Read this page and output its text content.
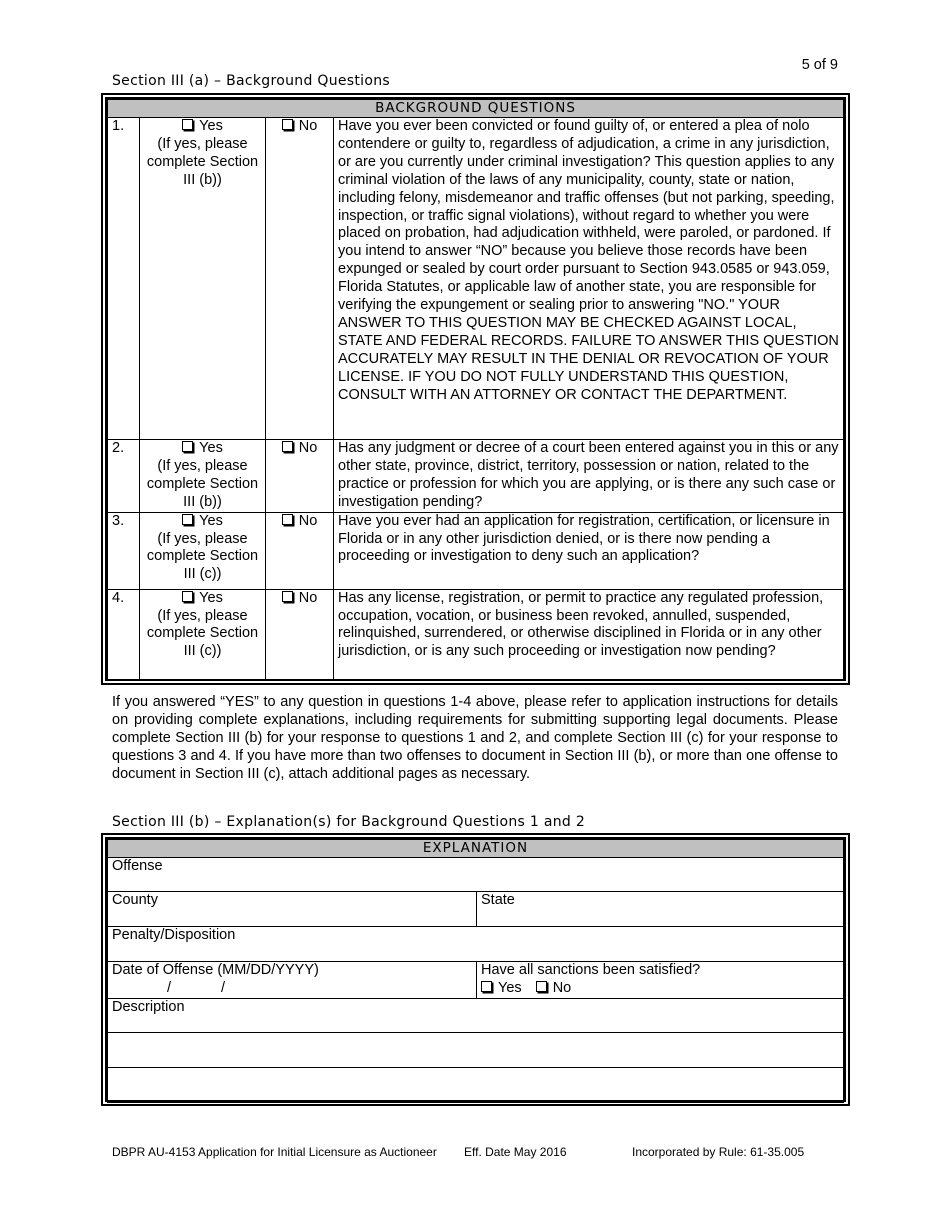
5 of 9
Section III (a) – Background Questions
BACKGROUND QUESTIONS			
1.	Yes
(If yes, please complete Section III (b))	No	Have you ever been convicted or found guilty of, or entered a plea of nolo contendere or guilty to, regardless of adjudication, a crime in any jurisdiction, or are you currently under criminal investigation? This question applies to any criminal violation of the laws of any municipality, county, state or nation, including felony, misdemeanor and traffic offenses (but not parking, speeding, inspection, or traffic signal violations), without regard to whether you were placed on probation, had adjudication withheld, were paroled, or pardoned. If you intend to answer “NO” because you believe those records have been expunged or sealed by court order pursuant to Section 943.0585 or 943.059, Florida Statutes, or applicable law of another state, you are responsible for verifying the expungement or sealing prior to answering "NO." YOUR ANSWER TO THIS QUESTION MAY BE CHECKED AGAINST LOCAL, STATE AND FEDERAL RECORDS. FAILURE TO ANSWER THIS QUESTION ACCURATELY MAY RESULT IN THE DENIAL OR REVOCATION OF YOUR LICENSE. IF YOU DO NOT FULLY UNDERSTAND THIS QUESTION, CONSULT WITH AN ATTORNEY OR CONTACT THE DEPARTMENT.
2.	Yes
(If yes, please complete Section III (b))	No	Has any judgment or decree of a court been entered against you in this or any other state, province, district, territory, possession or nation, related to the practice or profession for which you are applying, or is there any such case or investigation pending?
3.	Yes
(If yes, please complete Section III (c))	No	Have you ever had an application for registration, certification, or licensure in Florida or in any other jurisdiction denied, or is there now pending a proceeding or investigation to deny such an application?
4.	Yes
(If yes, please complete Section III (c))	No	Has any license, registration, or permit to practice any regulated profession, occupation, vocation, or business been revoked, annulled, suspended, relinquished, surrendered, or otherwise disciplined in Florida or in any other jurisdiction, or is any such proceeding or investigation now pending?
If you answered “YES” to any question in questions 1-4 above, please refer to application instructions for details on providing complete explanations, including requirements for submitting supporting legal documents. Please complete Section III (b) for your response to questions 1 and 2, and complete Section III (c) for your response to questions 3 and 4. If you have more than two offenses to document in Section III (b), or more than one offense to document in Section III (c), attach additional pages as necessary.
Section III (b) – Explanation(s) for Background Questions 1 and 2
EXPLANATION	
Offense	
County	State
Penalty/Disposition	
Date of Offense (MM/DD/YYYY)
/ /	Have all sanctions been satisfied?
Yes No
Description	

DBPR AU-4153 Application for Initial Licensure as Auctioneer Eff. Date May 2016	Incorporated by Rule: 61-35.005
